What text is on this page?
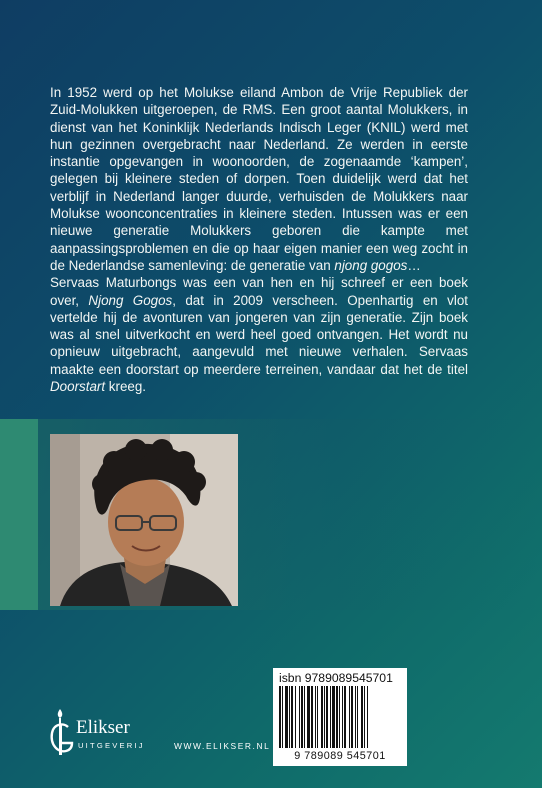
In 1952 werd op het Molukse eiland Ambon de Vrije Republiek der Zuid-Molukken uitgeroepen, de RMS. Een groot aantal Molukkers, in dienst van het Koninklijk Nederlands Indisch Leger (KNIL) werd met hun gezinnen overgebracht naar Nederland. Ze werden in eerste instantie opgevangen in woonoorden, de zogenaamde ‘kampen’, gelegen bij kleinere steden of dorpen. Toen duidelijk werd dat het verblijf in Nederland langer duurde, verhuisden de Molukkers naar Molukse woonconcentraties in kleinere steden. Intussen was er een nieuwe generatie Molukkers geboren die kampte met aanpassingsproblemen en die op haar eigen manier een weg zocht in de Nederlandse samenleving: de generatie van njong gogos…

Servaas Maturbongs was een van hen en hij schreef er een boek over, Njong Gogos, dat in 2009 verscheen. Openhartig en vlot vertelde hij de avonturen van jongeren van zijn generatie. Zijn boek was al snel uitverkocht en werd heel goed ontvangen. Het wordt nu opnieuw uitgebracht, aangevuld met nieuwe verhalen. Servaas maakte een doorstart op meerdere terreinen, vandaar dat het de titel Doorstart kreeg.

isbn 9789089545701
9 789089 545701
Elikser
UITGEVERIJ	WWW.ELIKSER.NL
